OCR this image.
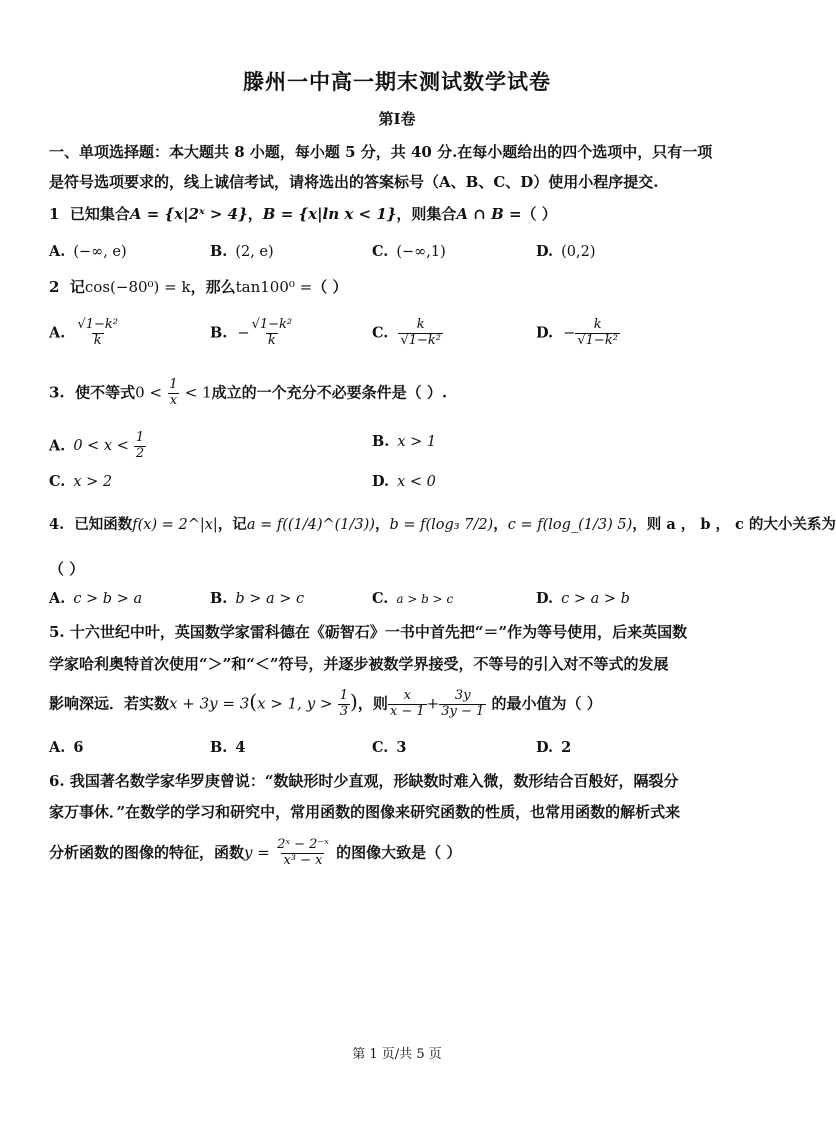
滕州一中高一期末测试数学试卷
第Ⅰ卷
一、单项选择题：本大题共 8 小题，每小题 5 分，共 40 分.在每小题给出的四个选项中，只有一项
是符号选项要求的，线上诚信考试，请将选出的答案标号（A、B、C、D）使用小程序提交.
1 已知集合A = {x|2ˣ > 4}，B = {x|ln x < 1}，则集合A ∩ B =（ ）
A. (−∞, e)	B. (2, e)	C. (−∞,1)	D. (0,2)
2 记cos(−80⁰) = k，那么tan100⁰ =（ ）
A. $\frac{\text{√1−k²}}{k}$	B. − $\frac{\text{√1−k²}}{k}$	C. $\frac{k}{\text{√1−k²}}$	D. − $\frac{k}{\text{√1−k²}}$
3. 使不等式$0 < \frac{1}{x} < 1$成立的一个充分不必要条件是（ ）.
A. $0 < x < \frac{1}{2}$	B. x > 1
C. x > 2	D. x < 0
4. 已知函数f(x) = 2^|x|，记a = f((1/4)^(1/3))，b = f(log₃ 7/2)，c = f(log_(1/3) 5)，则 a ， b ， c 的大小关系为
（ ）
A. c > b > a	B. b > a > c	C. a > b > c	D. c > a > b
5. 十六世纪中叶，英国数学家雷科德在《砺智石》一书中首先把“＝”作为等号使用，后来英国数
学家哈利奥特首次使用“＞”和“＜”符号，并逐步被数学界接受，不等号的引入对不等式的发展
影响深远．若实数x + 3y = 3(x > 1, $y > \frac{1}{3}$ )，则 $\frac{x}{x - 1} + \frac{3y}{3y - 1}$ 的最小值为（ ）
A. 6	B. 4	C. 3	D. 2
6. 我国著名数学家华罗庚曾说：“数缺形时少直观，形缺数时难入微，数形结合百般好，隔裂分
家万事休．”在数学的学习和研究中，常用函数的图像来研究函数的性质，也常用函数的解析式来
分析函数的图像的特征，函数$y = \frac{\text{2ˣ − 2⁻ˣ}}{\text{x³ − x}}$ 的图像大致是（ ）
第 1 页/共 5 页
